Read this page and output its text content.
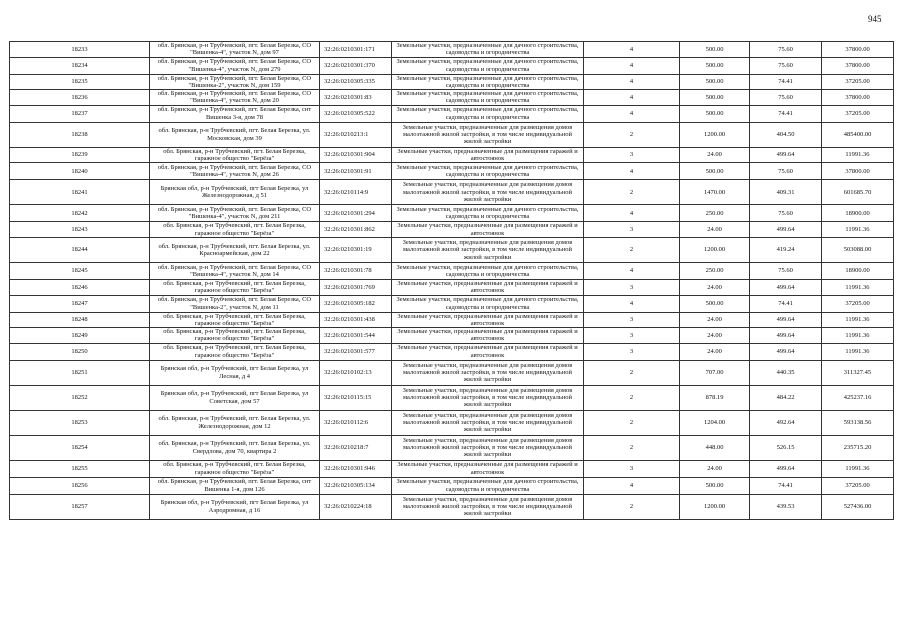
945
18233	обл. Брянская, р-н Трубчевский, пгт. Белая Березка, СО "Вишенка-4", участок N, дом 97	32:26:0210301:171	Земельные участки, предназначенные для дачного строительства, садоводства и огородничества	4	500.00	75.60	37800.00
18234	обл. Брянская, р-н Трубчевский, пгт. Белая Березка, СО "Вишенка-4", участок N, дом 279	32:26:0210301:370	Земельные участки, предназначенные для дачного строительства, садоводства и огородничества	4	500.00	75.60	37800.00
18235	обл. Брянская, р-н Трубчевский, пгт. Белая Березка, СО "Вишенка-2", участок N, дом 159	32:26:0210305:335	Земельные участки, предназначенные для дачного строительства, садоводства и огородничества	4	500.00	74.41	37205.00
18236	обл. Брянская, р-н Трубчевский, пгт. Белая Березка, СО "Вишенка-4", участок N, дом 20	32:26:0210301:83	Земельные участки, предназначенные для дачного строительства, садоводства и огородничества	4	500.00	75.60	37800.00
18237	обл. Брянская, р-н Трубчевский, пгт. Белая Березка, снт Вишенка 3-я, дом 78	32:26:0210305:522	Земельные участки, предназначенные для дачного строительства, садоводства и огородничества	4	500.00	74.41	37205.00
18238	обл. Брянская, р-н Трубчевский, пгт. Белая Березка, ул. Московская, дом 39	32:26:0210213:1	Земельные участки, предназначенные для размещения домов малоэтажной жилой застройки, в том числе индивидуальной жилой застройки	2	1200.00	404.50	485400.00
18239	обл. Брянская, р-н Трубчевский, пгт. Белая Березка, гаражное общество "Берёза"	32:26:0210301:904	Земельные участки, предназначенные для размещения гаражей и автостоянок	3	24.00	499.64	11991.36
18240	обл. Брянская, р-н Трубчевский, пгт. Белая Березка, СО "Вишенка-4", участок N, дом 26	32:26:0210301:91	Земельные участки, предназначенные для дачного строительства, садоводства и огородничества	4	500.00	75.60	37800.00
18241	Брянская обл, р-н Трубчевский, пгт Белая Березка, ул Железнодорожная, д 51	32:26:0210114:9	Земельные участки, предназначенные для размещения домов малоэтажной жилой застройки, в том числе индивидуальной жилой застройки	2	1470.00	409.31	601685.70
18242	обл. Брянская, р-н Трубчевский, пгт. Белая Березка, СО "Вишенка-4", участок N, дом 211	32:26:0210301:294	Земельные участки, предназначенные для дачного строительства, садоводства и огородничества	4	250.00	75.60	18900.00
18243	обл. Брянская, р-н Трубчевский, пгт. Белая Березка, гаражное общество "Берёза"	32:26:0210301:862	Земельные участки, предназначенные для размещения гаражей и автостоянок	3	24.00	499.64	11991.36
18244	обл. Брянская, р-н Трубчевский, пгт. Белая Березка, ул. Красноармейская, дом 22	32:26:0210301:19	Земельные участки, предназначенные для размещения домов малоэтажной жилой застройки, в том числе индивидуальной жилой застройки	2	1200.00	419.24	503088.00
18245	обл. Брянская, р-н Трубчевский, пгт. Белая Березка, СО "Вишенка-4", участок N, дом 14	32:26:0210301:78	Земельные участки, предназначенные для дачного строительства, садоводства и огородничества	4	250.00	75.60	18900.00
18246	обл. Брянская, р-н Трубчевский, пгт. Белая Березка, гаражное общество "Берёза"	32:26:0210301:769	Земельные участки, предназначенные для размещения гаражей и автостоянок	3	24.00	499.64	11991.36
18247	обл. Брянская, р-н Трубчевский, пгт. Белая Березка, СО "Вишенка-2", участок N, дом 11	32:26:0210305:182	Земельные участки, предназначенные для дачного строительства, садоводства и огородничества	4	500.00	74.41	37205.00
18248	обл. Брянская, р-н Трубчевский, пгт. Белая Березка, гаражное общество "Берёза"	32:26:0210301:438	Земельные участки, предназначенные для размещения гаражей и автостоянок	3	24.00	499.64	11991.36
18249	обл. Брянская, р-н Трубчевский, пгт. Белая Березка, гаражное общество "Берёза"	32:26:0210301:544	Земельные участки, предназначенные для размещения гаражей и автостоянок	3	24.00	499.64	11991.36
18250	обл. Брянская, р-н Трубчевский, пгт. Белая Березка, гаражное общество "Берёза"	32:26:0210301:577	Земельные участки, предназначенные для размещения гаражей и автостоянок	3	24.00	499.64	11991.36
18251	Брянская обл, р-н Трубчевский, пгт Белая Березка, ул Лесная, д 4	32:26:0210102:13	Земельные участки, предназначенные для размещения домов малоэтажной жилой застройки, в том числе индивидуальной жилой застройки	2	707.00	440.35	311327.45
18252	Брянская обл, р-н Трубчевский, пгт Белая Березка, ул Советская, дом 57	32:26:0210115:15	Земельные участки, предназначенные для размещения домов малоэтажной жилой застройки, в том числе индивидуальной жилой застройки	2	878.19	484.22	425237.16
18253	обл. Брянская, р-н Трубчевский, пгт. Белая Березка, ул. Железнодорожная, дом 12	32:26:0210112:6	Земельные участки, предназначенные для размещения домов малоэтажной жилой застройки, в том числе индивидуальной жилой застройки	2	1204.00	492.64	593138.56
18254	обл. Брянская, р-н Трубчевский, пгт. Белая Березка, ул. Свердлова, дом 70, квартира 2	32:26:0210218:7	Земельные участки, предназначенные для размещения домов малоэтажной жилой застройки, в том числе индивидуальной жилой застройки	2	448.00	526.15	235715.20
18255	обл. Брянская, р-н Трубчевский, пгт. Белая Березка, гаражное общество "Берёза"	32:26:0210301:946	Земельные участки, предназначенные для размещения гаражей и автостоянок	3	24.00	499.64	11991.36
18256	обл. Брянская, р-н Трубчевский, пгт. Белая Березка, снт Вишенка 1-я, дом 126	32:26:0210305:134	Земельные участки, предназначенные для дачного строительства, садоводства и огородничества	4	500.00	74.41	37205.00
18257	Брянская обл, р-н Трубчевский, пгт Белая Березка, ул Аэродромная, д 16	32:26:0210224:18	Земельные участки, предназначенные для размещения домов малоэтажной жилой застройки, в том числе индивидуальной жилой застройки	2	1200.00	439.53	527436.00
